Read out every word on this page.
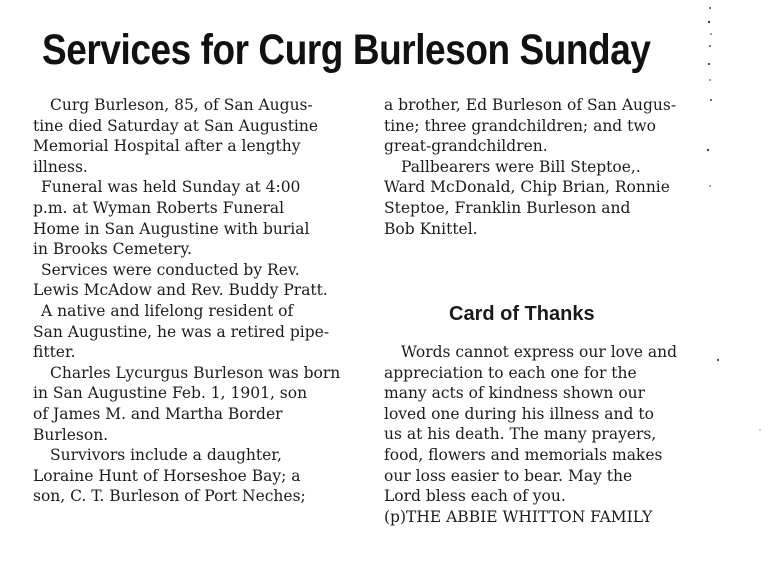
Services for Curg Burleson Sunday
Curg Burleson, 85, of San Augus-
tine died Saturday at San Augustine
Memorial Hospital after a lengthy
illness.
Funeral was held Sunday at 4:00
p.m. at Wyman Roberts Funeral
Home in San Augustine with burial
in Brooks Cemetery.
Services were conducted by Rev.
Lewis McAdow and Rev. Buddy Pratt.
A native and lifelong resident of
San Augustine, he was a retired pipe-
fitter.
Charles Lycurgus Burleson was born
in San Augustine Feb. 1, 1901, son
of James M. and Martha Border
Burleson.
Survivors include a daughter,
Loraine Hunt of Horseshoe Bay; a
son, C. T. Burleson of Port Neches;
a brother, Ed Burleson of San Augus-
tine; three grandchildren; and two
great-grandchildren.
Pallbearers were Bill Steptoe,.
Ward McDonald, Chip Brian, Ronnie
Steptoe, Franklin Burleson and
Bob Knittel.
Card of Thanks
Words cannot express our love and
appreciation to each one for the
many acts of kindness shown our
loved one during his illness and to
us at his death. The many prayers,
food, flowers and memorials makes
our loss easier to bear. May the
Lord bless each of you.
(p)THE ABBIE WHITTON FAMILY
